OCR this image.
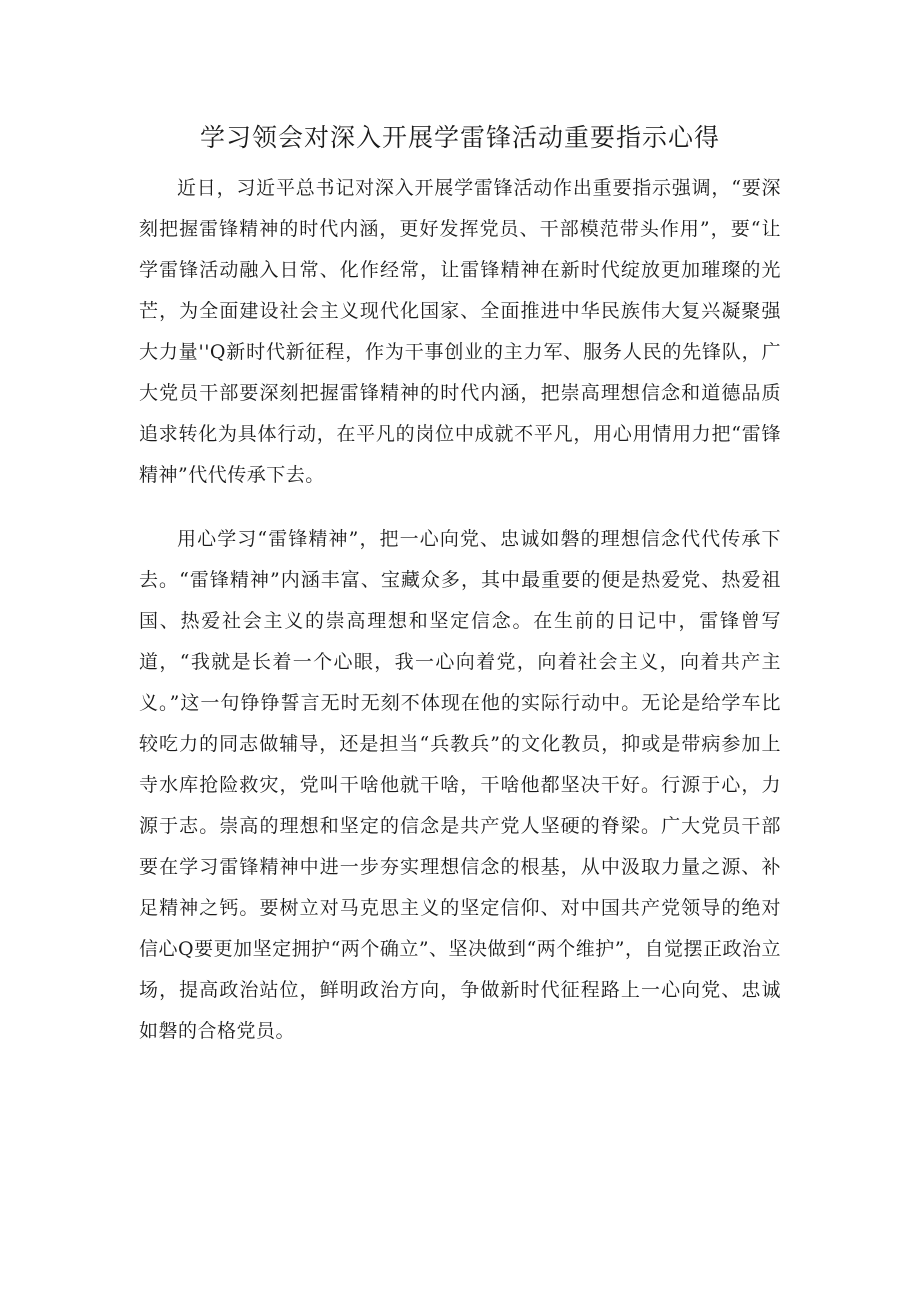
学习领会对深入开展学雷锋活动重要指示心得

近日，习近平总书记对深入开展学雷锋活动作出重要指示强调，“要深刻把握雷锋精神的时代内涵，更好发挥党员、干部模范带头作用”，要“让学雷锋活动融入日常、化作经常，让雷锋精神在新时代绽放更加璀璨的光芒，为全面建设社会主义现代化国家、全面推进中华民族伟大复兴凝聚强大力量''Q新时代新征程，作为干事创业的主力军、服务人民的先锋队，广大党员干部要深刻把握雷锋精神的时代内涵，把崇高理想信念和道德品质追求转化为具体行动，在平凡的岗位中成就不平凡，用心用情用力把“雷锋精神”代代传承下去。

用心学习“雷锋精神”，把一心向党、忠诚如磐的理想信念代代传承下去。“雷锋精神”内涵丰富、宝藏众多，其中最重要的便是热爱党、热爱祖国、热爱社会主义的崇高理想和坚定信念。在生前的日记中，雷锋曾写道，“我就是长着一个心眼，我一心向着党，向着社会主义，向着共产主义。”这一句铮铮誓言无时无刻不体现在他的实际行动中。无论是给学车比较吃力的同志做辅导，还是担当“兵教兵”的文化教员，抑或是带病参加上寺水库抢险救灾，党叫干啥他就干啥，干啥他都坚决干好。行源于心，力源于志。崇高的理想和坚定的信念是共产党人坚硬的脊梁。广大党员干部要在学习雷锋精神中进一步夯实理想信念的根基，从中汲取力量之源、补足精神之钙。要树立对马克思主义的坚定信仰、对中国共产党领导的绝对信心Q要更加坚定拥护“两个确立”、坚决做到“两个维护”，自觉摆正政治立场，提高政治站位，鲜明政治方向，争做新时代征程路上一心向党、忠诚如磐的合格党员。
